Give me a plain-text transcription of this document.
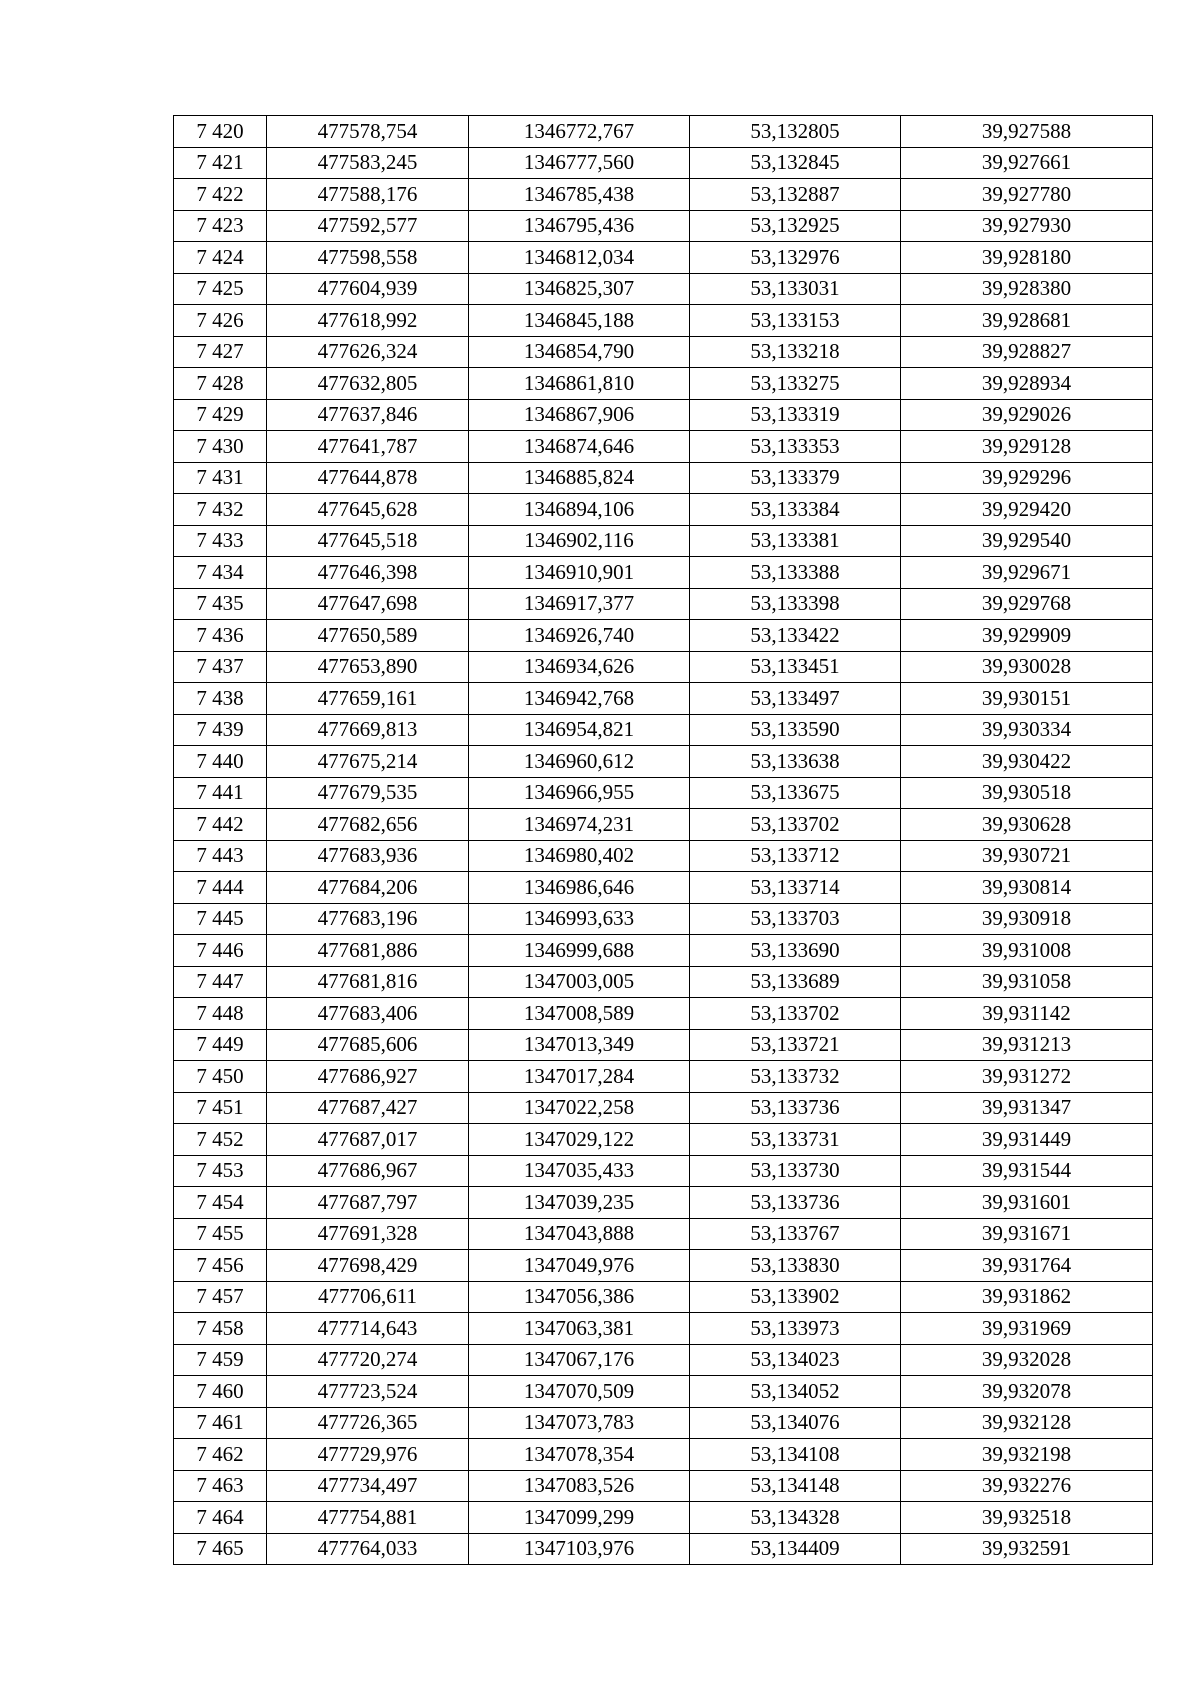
7 420	477578,754	1346772,767	53,132805	39,927588
7 421	477583,245	1346777,560	53,132845	39,927661
7 422	477588,176	1346785,438	53,132887	39,927780
7 423	477592,577	1346795,436	53,132925	39,927930
7 424	477598,558	1346812,034	53,132976	39,928180
7 425	477604,939	1346825,307	53,133031	39,928380
7 426	477618,992	1346845,188	53,133153	39,928681
7 427	477626,324	1346854,790	53,133218	39,928827
7 428	477632,805	1346861,810	53,133275	39,928934
7 429	477637,846	1346867,906	53,133319	39,929026
7 430	477641,787	1346874,646	53,133353	39,929128
7 431	477644,878	1346885,824	53,133379	39,929296
7 432	477645,628	1346894,106	53,133384	39,929420
7 433	477645,518	1346902,116	53,133381	39,929540
7 434	477646,398	1346910,901	53,133388	39,929671
7 435	477647,698	1346917,377	53,133398	39,929768
7 436	477650,589	1346926,740	53,133422	39,929909
7 437	477653,890	1346934,626	53,133451	39,930028
7 438	477659,161	1346942,768	53,133497	39,930151
7 439	477669,813	1346954,821	53,133590	39,930334
7 440	477675,214	1346960,612	53,133638	39,930422
7 441	477679,535	1346966,955	53,133675	39,930518
7 442	477682,656	1346974,231	53,133702	39,930628
7 443	477683,936	1346980,402	53,133712	39,930721
7 444	477684,206	1346986,646	53,133714	39,930814
7 445	477683,196	1346993,633	53,133703	39,930918
7 446	477681,886	1346999,688	53,133690	39,931008
7 447	477681,816	1347003,005	53,133689	39,931058
7 448	477683,406	1347008,589	53,133702	39,931142
7 449	477685,606	1347013,349	53,133721	39,931213
7 450	477686,927	1347017,284	53,133732	39,931272
7 451	477687,427	1347022,258	53,133736	39,931347
7 452	477687,017	1347029,122	53,133731	39,931449
7 453	477686,967	1347035,433	53,133730	39,931544
7 454	477687,797	1347039,235	53,133736	39,931601
7 455	477691,328	1347043,888	53,133767	39,931671
7 456	477698,429	1347049,976	53,133830	39,931764
7 457	477706,611	1347056,386	53,133902	39,931862
7 458	477714,643	1347063,381	53,133973	39,931969
7 459	477720,274	1347067,176	53,134023	39,932028
7 460	477723,524	1347070,509	53,134052	39,932078
7 461	477726,365	1347073,783	53,134076	39,932128
7 462	477729,976	1347078,354	53,134108	39,932198
7 463	477734,497	1347083,526	53,134148	39,932276
7 464	477754,881	1347099,299	53,134328	39,932518
7 465	477764,033	1347103,976	53,134409	39,932591
